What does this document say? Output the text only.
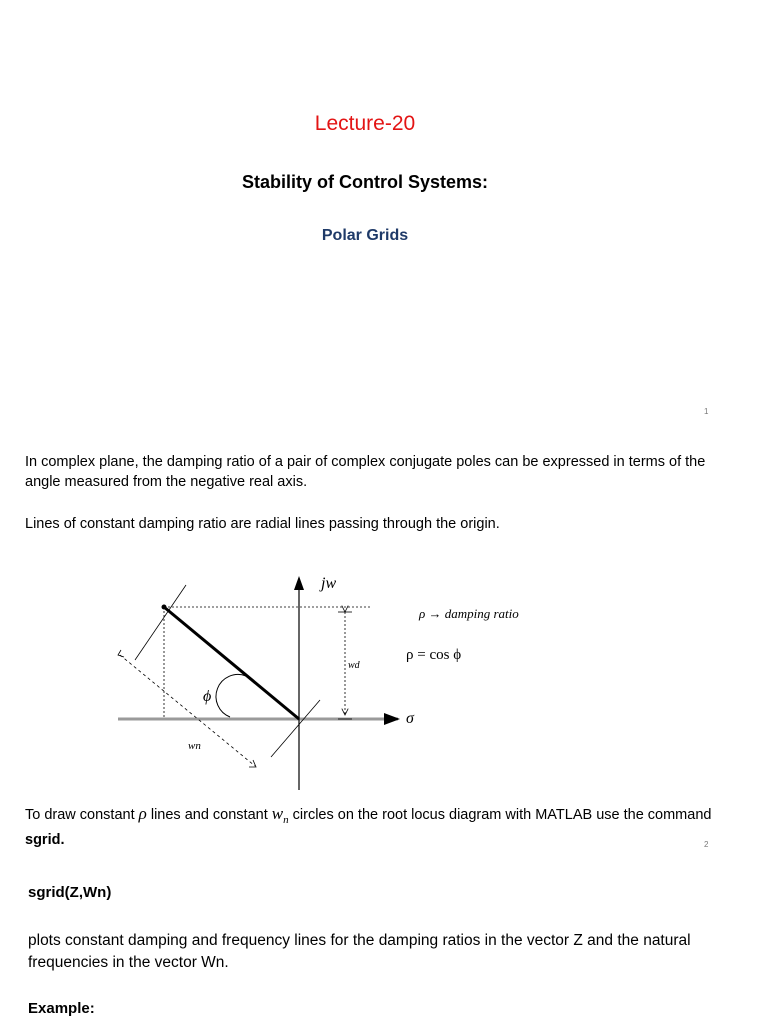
Lecture-20
Stability of Control Systems:
Polar Grids
1
In complex plane, the damping ratio of a pair of complex conjugate poles can be expressed in terms of the angle measured from the negative real axis.
Lines of constant damping ratio are radial lines passing through the origin.
jw
σ
ϕ
wn
wd
ρ → damping ratio
ρ = cos ϕ
To draw constant ρ lines and constant $w_n$ circles on the root locus diagram with MATLAB use the command sgrid.	2
sgrid(Z,Wn)
plots constant damping and frequency lines for the damping ratios in the vector Z and the natural frequencies in the vector Wn.
Example:
